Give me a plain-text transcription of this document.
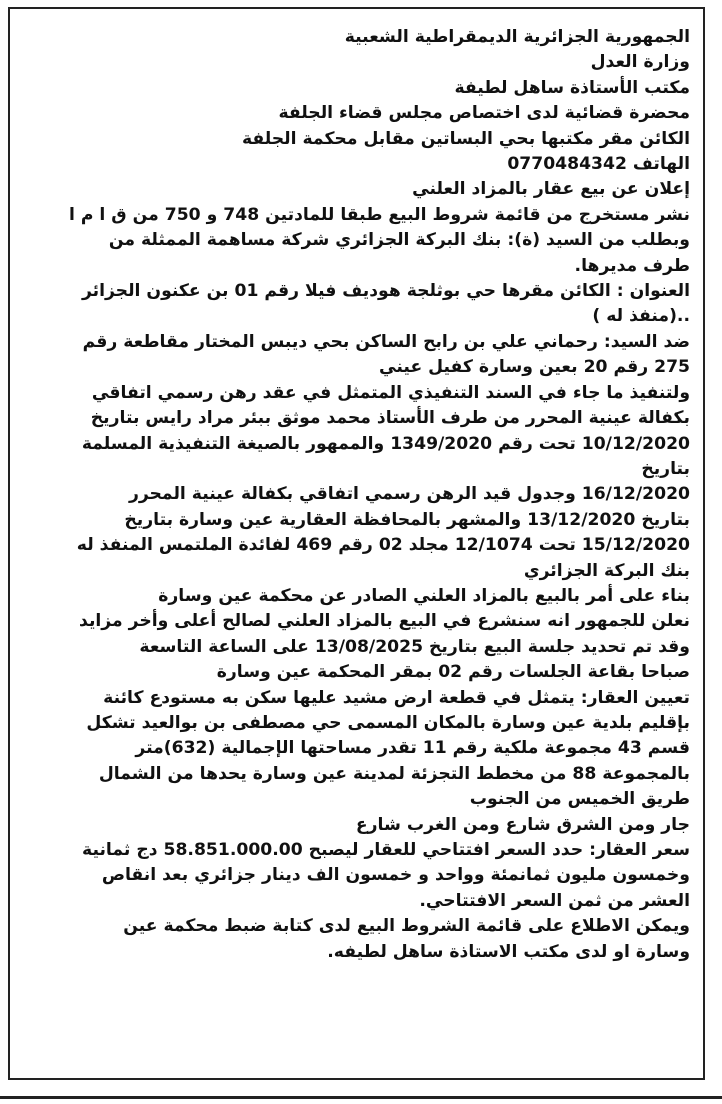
الجمهورية الجزائرية الديمقراطية الشعبية
وزارة العدل
مكتب الأستاذة ساهل لطيفة
محضرة قضائية لدى اختصاص مجلس قضاء الجلفة
الكائن مقر مكتبها بحي البساتين مقابل محكمة الجلفة
الهاتف 0770484342
إعلان عن بيع عقار بالمزاد العلني
نشر مستخرج من قائمة شروط البيع طبقا للمادتين 748 و 750 من ق ا م ا
وبطلب من السيد (ة): بنك البركة الجزائري شركة مساهمة الممثلة من
طرف مديرها.
العنوان : الكائن مقرها حي بوثلجة هوديف فيلا رقم 01 بن عكنون الجزائر
..(منفذ له )
ضد السيد: رحماني علي بن رابح الساكن بحي ديبس المختار مقاطعة رقم
275 رقم 20 بعين وسارة كفيل عيني
ولتنفيذ ما جاء في السند التنفيذي المتمثل في عقد رهن رسمي اتفاقي
بكفالة عينية المحرر من طرف الأستاذ محمد موثق ببئر مراد رايس بتاريخ
10/12/2020 تحت رقم 1349/2020 والممهور بالصيغة التنفيذية المسلمة
بتاريخ
16/12/2020 وجدول قيد الرهن رسمي اتفاقي بكفالة عينية المحرر
بتاريخ 13/12/2020 والمشهر بالمحافظة العقارية عين وسارة بتاريخ
15/12/2020 تحت 12/1074 مجلد 02 رقم 469 لفائدة الملتمس المنفذ له
بنك البركة الجزائري
بناء على أمر بالبيع بالمزاد العلني الصادر عن محكمة عين وسارة
نعلن للجمهور انه سنشرع في البيع بالمزاد العلني لصالح أعلى وأخر مزايد
وقد تم تحديد جلسة البيع بتاريخ 13/08/2025 على الساعة التاسعة
صباحا بقاعة الجلسات رقم 02 بمقر المحكمة عين وسارة
تعيين العقار: يتمثل في قطعة ارض مشيد عليها سكن به مستودع كائنة
بإقليم بلدية عين وسارة بالمكان المسمى حي مصطفى بن بوالعيد تشكل
قسم 43 مجموعة ملكية رقم 11 تقدر مساحتها الإجمالية (632)متر
بالمجموعة 88 من مخطط التجزئة لمدينة عين وسارة يحدها من الشمال
طريق الخميس من الجنوب
جار ومن الشرق شارع ومن الغرب شارع
سعر العقار: حدد السعر افتتاحي للعقار ليصبح 58.851.000.00 دج ثمانية
وخمسون مليون ثمانمئة وواحد و خمسون الف دينار جزائري بعد انقاص
العشر من ثمن السعر الافتتاحي.
ويمكن الاطلاع على قائمة الشروط البيع لدى كتابة ضبط محكمة عين
وسارة او لدى مكتب الاستاذة ساهل لطيفه.
